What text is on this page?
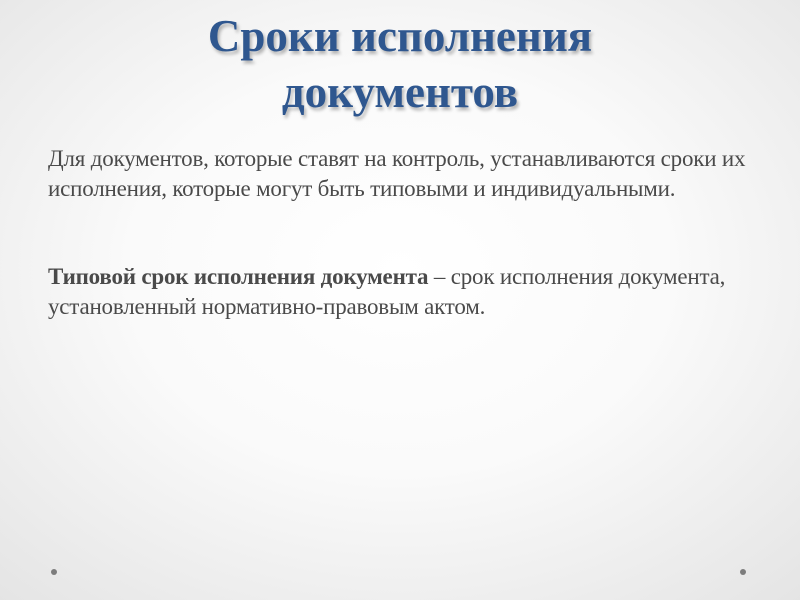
Сроки исполнения
документов

Для документов, которые ставят на контроль, устанавливаются сроки их исполнения, которые могут быть типовыми и индивидуальными.

Типовой срок исполнения документа – срок исполнения документа, установленный нормативно-правовым актом.
